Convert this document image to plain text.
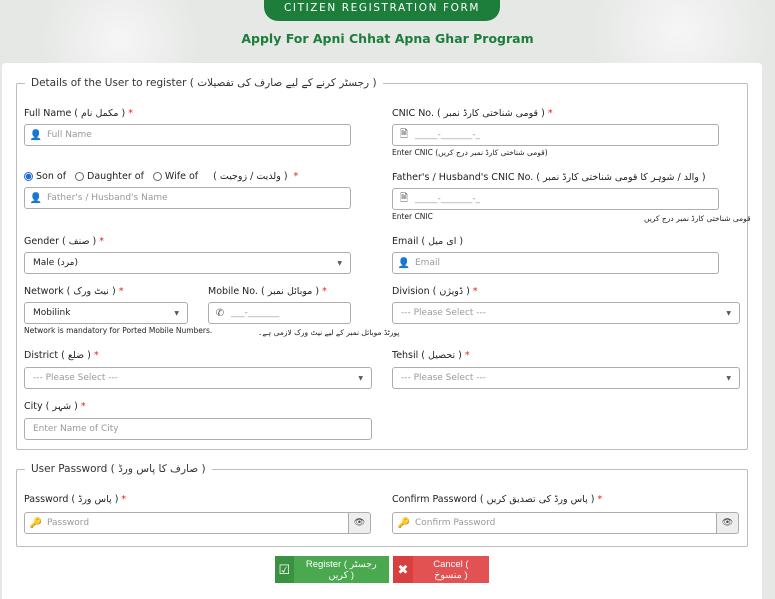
CITIZEN REGISTRATION FORM
Apply For Apni Chhat Apna Ghar Program
Details of the User to register ( رجسٹر کرنے کے لیے صارف کی تفصیلات )
Full Name ( مکمل نام ) *
👤 Full Name
CNIC No. ( قومی شناختی کارڈ نمبر ) *
🗎 _____-_______-_
Enter CNIC (قومی شناختی کارڈ نمبر درج کریں)
Son of Daughter of Wife of ( ولدیت / زوجیت ) *
👤 Father's / Husband's Name
Father's / Husband's CNIC No. ( والد / شوہر کا قومی شناختی کارڈ نمبر )
🗎 _____-_______-_
Enter CNIC	قومی شناختی کارڈ نمبر درج کریں
Gender ( صنف ) *
Male (مرد)	▼
Email ( ای میل )
👤 Email
Network ( نیٹ ورک ) *
Mobilink	▼
Network is mandatory for Ported Mobile Numbers.
Mobile No. ( موبائل نمبر ) *
✆ ___-_______
پورٹڈ موبائل نمبر کے لیے نیٹ ورک لازمی ہے۔
Division ( ڈویژن ) *
--- Please Select ---	▼
District ( ضلع ) *
--- Please Select ---	▼
Tehsil ( تحصیل ) *
--- Please Select ---	▼
City ( شہر ) *
Enter Name of City
User Password ( صارف کا پاس ورڈ )
Password ( پاس ورڈ ) *
🔑 Password	👁
Confirm Password ( پاس ورڈ کی تصدیق کریں ) *
🔑 Confirm Password	👁
☑	Register ( رجسٹر کریں )	✖	Cancel ( منسوخ )
